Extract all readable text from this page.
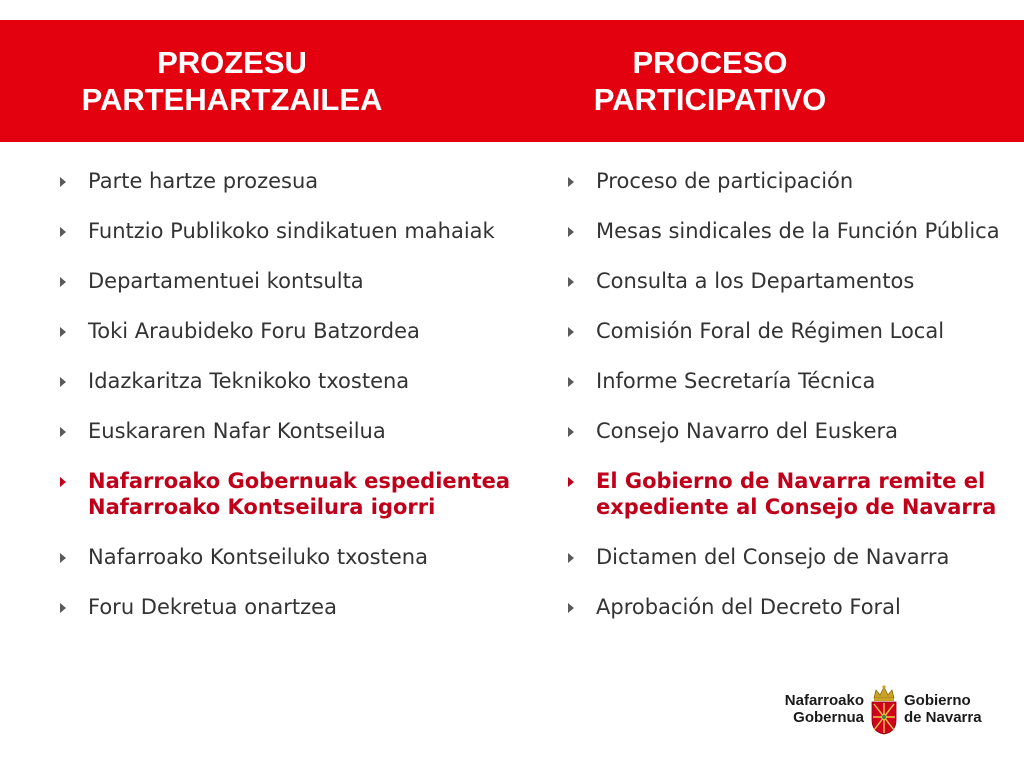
PROZESU
PARTEHARTZAILEA
PROCESO
PARTICIPATIVO
Parte hartze prozesua
Funtzio Publikoko sindikatuen mahaiak
Departamentuei kontsulta
Toki Araubideko Foru Batzordea
Idazkaritza Teknikoko txostena
Euskararen Nafar Kontseilua
Nafarroako Gobernuak espedientea Nafarroako Kontseilura igorri
Nafarroako Kontseiluko txostena
Foru Dekretua onartzea
Proceso de participación
Mesas sindicales de la Función Pública
Consulta a los Departamentos
Comisión Foral de Régimen Local
Informe Secretaría Técnica
Consejo Navarro del Euskera
El Gobierno de Navarra remite el expediente al Consejo de Navarra
Dictamen del Consejo de Navarra
Aprobación del Decreto Foral
Nafarroako
Gobernua
Gobierno
de Navarra
